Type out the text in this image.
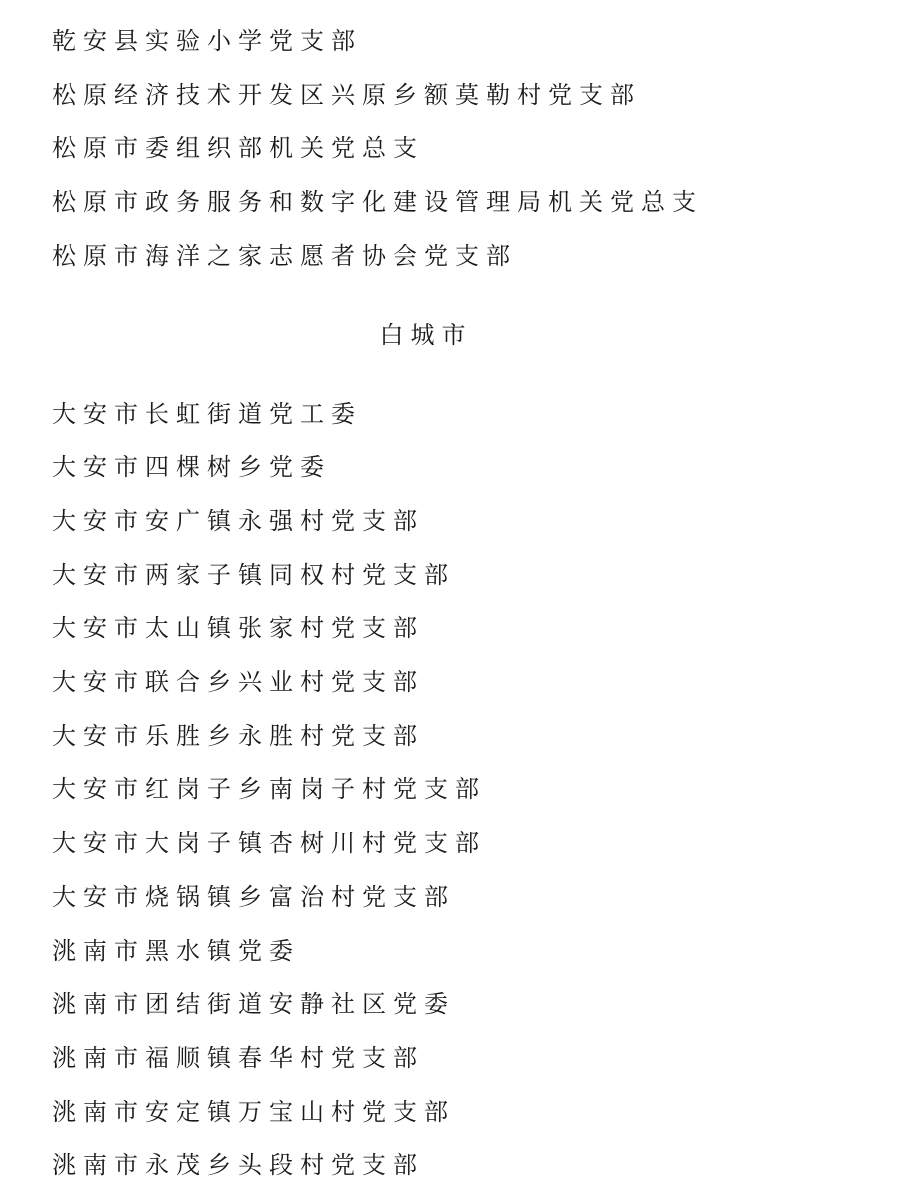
乾安县实验小学党支部
松原经济技术开发区兴原乡额莫勒村党支部
松原市委组织部机关党总支
松原市政务服务和数字化建设管理局机关党总支
松原市海洋之家志愿者协会党支部
白城市
大安市长虹街道党工委
大安市四棵树乡党委
大安市安广镇永强村党支部
大安市两家子镇同权村党支部
大安市太山镇张家村党支部
大安市联合乡兴业村党支部
大安市乐胜乡永胜村党支部
大安市红岗子乡南岗子村党支部
大安市大岗子镇杏树川村党支部
大安市烧锅镇乡富治村党支部
洮南市黑水镇党委
洮南市团结街道安静社区党委
洮南市福顺镇春华村党支部
洮南市安定镇万宝山村党支部
洮南市永茂乡头段村党支部
